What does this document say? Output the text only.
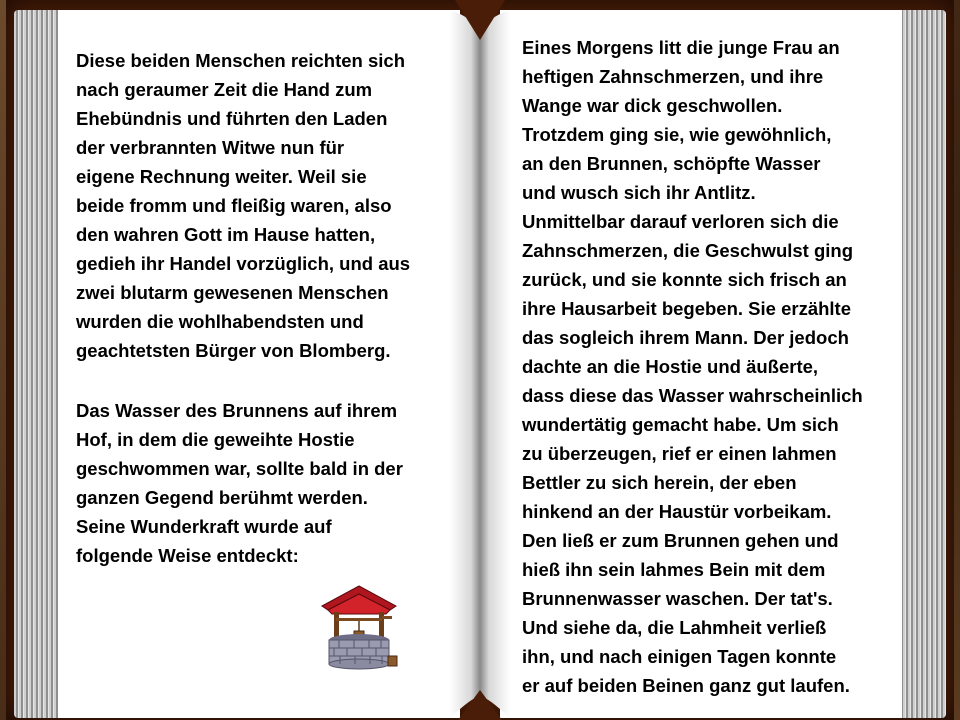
Diese beiden Menschen reichten sich
nach geraumer Zeit die Hand zum
Ehebündnis und führten den Laden
der verbrannten Witwe nun für
eigene Rechnung weiter. Weil sie
beide fromm und fleißig waren, also
den wahren Gott im Hause hatten,
gedieh ihr Handel vorzüglich, und aus
zwei blutarm gewesenen Menschen
wurden die wohlhabendsten und
geachtetsten Bürger von Blomberg.
Das Wasser des Brunnens auf ihrem
Hof, in dem die geweihte Hostie
geschwommen war, sollte bald in der
ganzen Gegend berühmt werden.
Seine Wunderkraft wurde auf
folgende Weise entdeckt:
Eines Morgens litt die junge Frau an
heftigen Zahnschmerzen, und ihre
Wange war dick geschwollen.
Trotzdem ging sie, wie gewöhnlich,
an den Brunnen, schöpfte Wasser
und wusch sich ihr Antlitz.
Unmittelbar darauf verloren sich die
Zahnschmerzen, die Geschwulst ging
zurück, und sie konnte sich frisch an
ihre Hausarbeit begeben. Sie erzählte
das sogleich ihrem Mann. Der jedoch
dachte an die Hostie und äußerte,
dass diese das Wasser wahrscheinlich
wundertätig gemacht habe. Um sich
zu überzeugen, rief er einen lahmen
Bettler zu sich herein, der eben
hinkend an der Haustür vorbeikam.
Den ließ er zum Brunnen gehen und
hieß ihn sein lahmes Bein mit dem
Brunnenwasser waschen. Der tat's.
Und siehe da, die Lahmheit verließ
ihn, und nach einigen Tagen konnte
er auf beiden Beinen ganz gut laufen.
